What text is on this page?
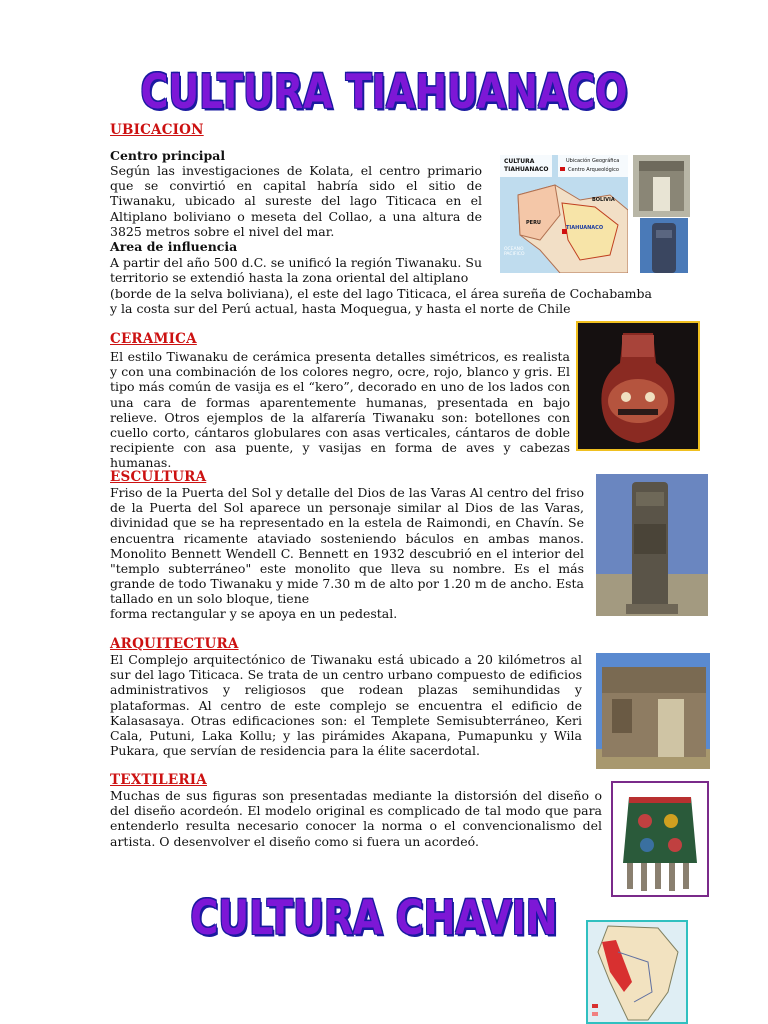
CULTURA TIAHUANACO
UBICACION
Centro principal

Según las investigaciones de Kolata, el centro primario que se convirtió en capital habría sido el sitio de Tiwanaku, ubicado al sureste del lago Titicaca en el Altiplano boliviano o meseta del Collao, a una altura de 3825 metros sobre el nivel del mar.

Area de influencia

A partir del año 500 d.C. se unificó la región Tiwanaku. Su territorio se extendió hasta la zona oriental del altiplano

(borde de la selva boliviana), el este del lago Titicaca, el área sureña de Cochabamba y la costa sur del Perú actual, hasta Moquegua, y hasta el norte de Chile

CULTURA
TIAHUANACO
Ubicación Geográfica
Centro Arqueológico
BOLIVIA
PERU
TIAHUANACO
OCEANO PACIFICO
CERAMICA

El estilo Tiwanaku de cerámica presenta detalles simétricos, es realista y con una combinación de los colores negro, ocre, rojo, blanco y gris. El tipo más común de vasija es el “kero”, decorado en uno de los lados con una cara de formas aparentemente humanas, presentada en bajo relieve. Otros ejemplos de la alfarería Tiwanaku son: botellones con cuello corto, cántaros globulares con asas verticales, cántaros de doble recipiente con asa puente, y vasijas en forma de aves y cabezas humanas.

ESCULTURA

Friso de la Puerta del Sol y detalle del Dios de las Varas Al centro del friso de la Puerta del Sol aparece un personaje similar al Dios de las Varas, divinidad que se ha representado en la estela de Raimondi, en Chavín. Se encuentra ricamente ataviado sosteniendo báculos en ambas manos. Monolito Bennett Wendell C. Bennett en 1932 descubrió en el interior del "templo subterráneo" este monolito que lleva su nombre. Es el más grande de todo Tiwanaku y mide 7.30 m de alto por 1.20 m de ancho. Esta tallado en un solo bloque, tiene

forma rectangular y se apoya en un pedestal.

ARQUITECTURA

El Complejo arquitectónico de Tiwanaku está ubicado a 20 kilómetros al sur del lago Titicaca. Se trata de un centro urbano compuesto de edificios administrativos y religiosos que rodean plazas semihundidas y plataformas. Al centro de este complejo se encuentra el edificio de Kalasasaya. Otras edificaciones son: el Templete Semisubterráneo, Keri Cala, Putuni, Laka Kollu; y las pirámides Akapana, Pumapunku y Wila Pukara, que servían de residencia para la élite sacerdotal.

TEXTILERIA

Muchas de sus figuras son presentadas mediante la distorsión del diseño o del diseño acordeón. El modelo original es complicado de tal modo que para entenderlo resulta necesario conocer la norma o el convencionalismo del artista. O desenvolver el diseño como si fuera un acordeó.

CULTURA CHAVIN
